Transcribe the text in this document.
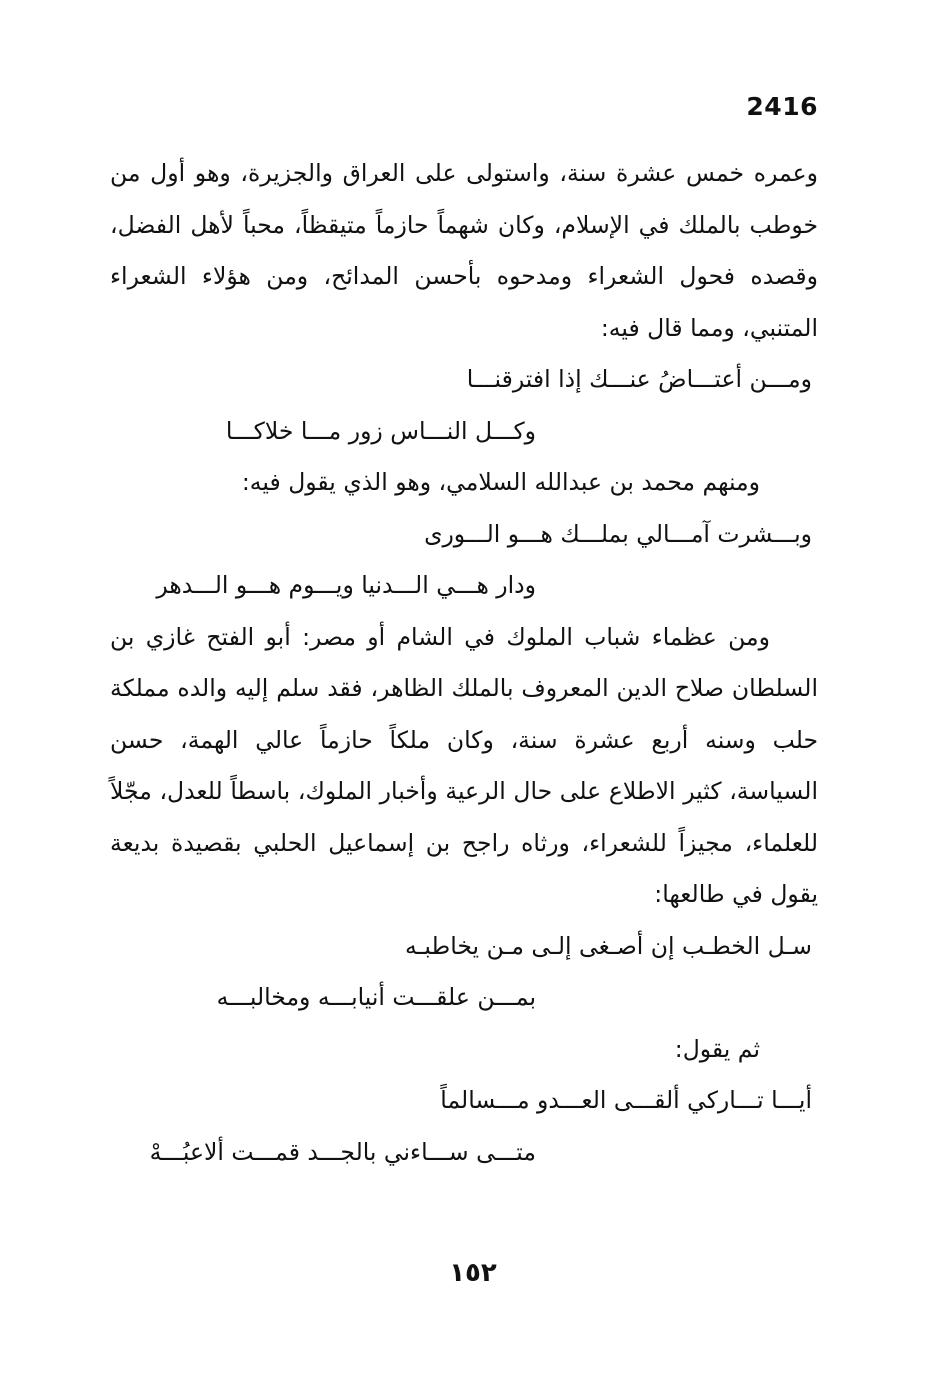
2416

وعمره خمس عشرة سنة، واستولى على العراق والجزيرة، وهو أول من خوطب بالملك في الإسلام، وكان شهماً حازماً متيقظاً، محباً لأهل الفضل، وقصده فحول الشعراء ومدحوه بأحسن المدائح، ومن هؤلاء الشعراء المتنبي، ومما قال فيه:

ومـــن أعتـــاضُ عنـــك إذا افترقنـــا

وكـــل النـــاس زور مـــا خلاكـــا

ومنهم محمد بن عبدالله السلامي، وهو الذي يقول فيه:

وبـــشرت آمـــالي بملـــك هـــو الـــورى

ودار هـــي الـــدنيا ويـــوم هـــو الـــدهر

ومن عظماء شباب الملوك في الشام أو مصر: أبو الفتح غازي بن السلطان صلاح الدين المعروف بالملك الظاهر، فقد سلم إليه والده مملكة حلب وسنه أربع عشرة سنة، وكان ملكاً حازماً عالي الهمة، حسن السياسة، كثير الاطلاع على حال الرعية وأخبار الملوك، باسطاً للعدل، مجّلاً للعلماء، مجيزاً للشعراء، ورثاه راجح بن إسماعيل الحلبي بقصيدة بديعة يقول في طالعها:

سـل الخطـب إن أصـغى إلـى مـن يخاطبـه

بمـــن علقـــت أنيابـــه ومخالبـــه

ثم يقول:

أيـــا تـــاركي ألقـــى العـــدو مـــسالماً

متـــى ســـاءني بالجـــد قمـــت ألاعبُـــهْ

١٥٢
